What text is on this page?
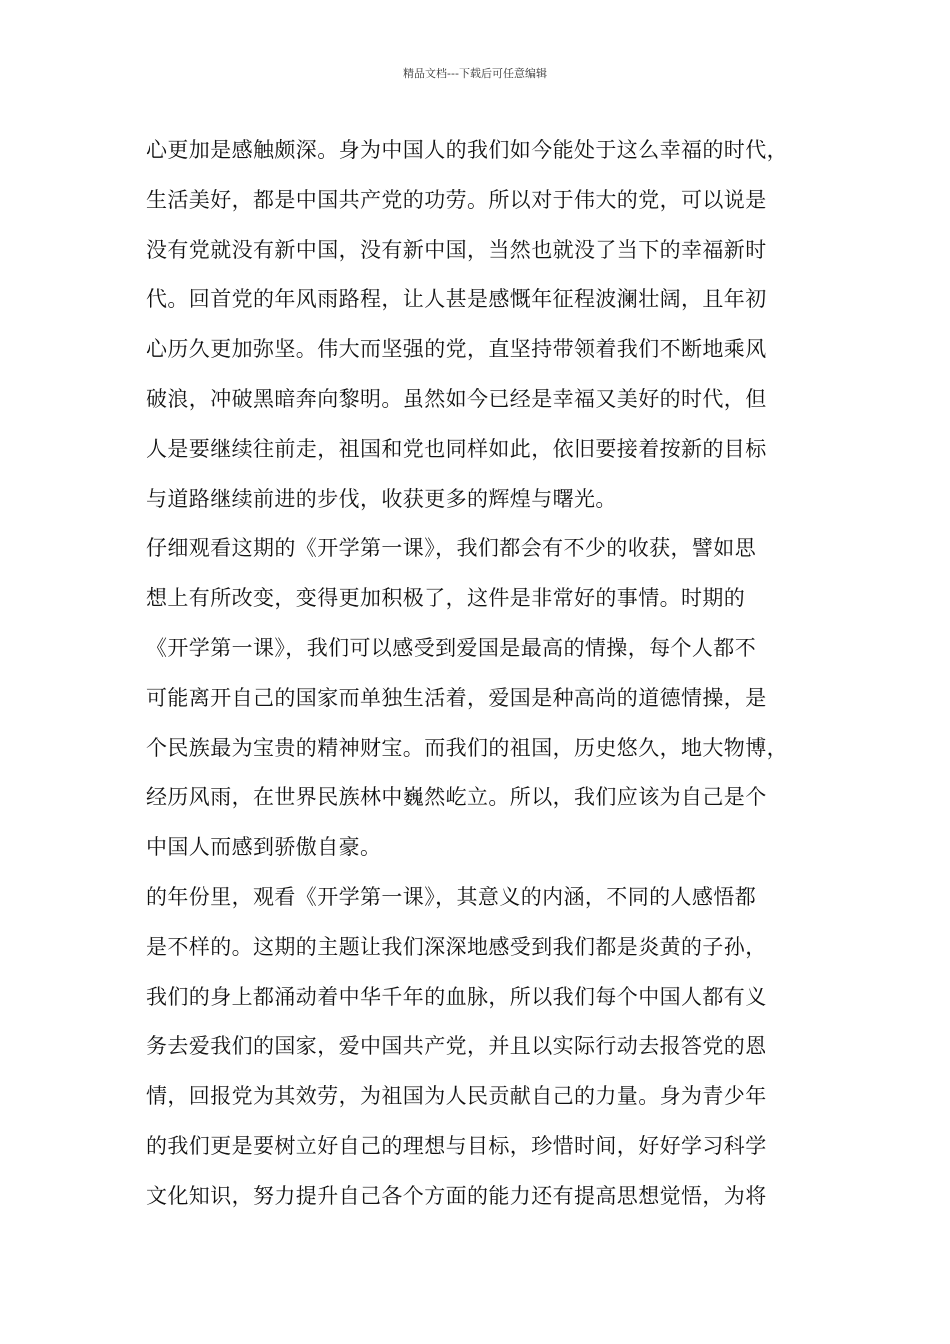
精品文档---下载后可任意编辑
心更加是感触颇深。身为中国人的我们如今能处于这么幸福的时代，
生活美好，都是中国共产党的功劳。所以对于伟大的党，可以说是
没有党就没有新中国，没有新中国，当然也就没了当下的幸福新时
代。回首党的年风雨路程，让人甚是感慨年征程波澜壮阔，且年初
心历久更加弥坚。伟大而坚强的党，直坚持带领着我们不断地乘风
破浪，冲破黑暗奔向黎明。虽然如今已经是幸福又美好的时代，但
人是要继续往前走，祖国和党也同样如此，依旧要接着按新的目标
与道路继续前进的步伐，收获更多的辉煌与曙光。
仔细观看这期的《开学第一课》，我们都会有不少的收获，譬如思
想上有所改变，变得更加积极了，这件是非常好的事情。时期的
《开学第一课》，我们可以感受到爱国是最高的情操，每个人都不
可能离开自己的国家而单独生活着，爱国是种高尚的道德情操，是
个民族最为宝贵的精神财宝。而我们的祖国，历史悠久，地大物博，
经历风雨，在世界民族林中巍然屹立。所以，我们应该为自己是个
中国人而感到骄傲自豪。
的年份里，观看《开学第一课》，其意义的内涵，不同的人感悟都
是不样的。这期的主题让我们深深地感受到我们都是炎黄的子孙，
我们的身上都涌动着中华千年的血脉，所以我们每个中国人都有义
务去爱我们的国家，爱中国共产党，并且以实际行动去报答党的恩
情，回报党为其效劳，为祖国为人民贡献自己的力量。身为青少年
的我们更是要树立好自己的理想与目标，珍惜时间，好好学习科学
文化知识，努力提升自己各个方面的能力还有提高思想觉悟，为将
